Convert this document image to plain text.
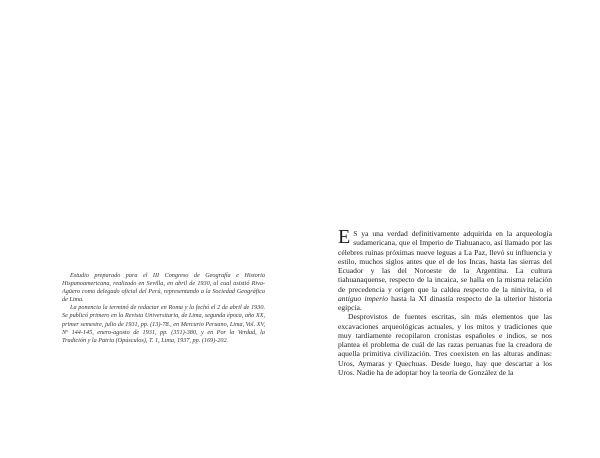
Estudio preparado para el III Congreso de Geografía e Historia Hispanoamericana, realizado en Sevilla, en abril de 1930, al cual asistió Riva-Agüero como delegado oficial del Perú, representando a la Sociedad Geográfica de Lima.

La ponencia la terminó de redactar en Roma y la fechó el 2 de abril de 1930. Se publicó primero en la Revista Universitaria, de Lima, segunda época, año XX, primer semestre, julio de 1931, pp. (13)-78., en Mercurio Peruano, Lima, Vol. XV, Nº 144-145, enero-agosto de 1931, pp. (351)-380, y en Por la Verdad, la Tradición y la Patria (Opúsculos), T. 1, Lima, 1937, pp. (169)-202.

E S ya una verdad definitivamente adquirida en la arqueología sudamericana, que el Imperio de Tiahuanaco, así llamado por las célebres ruinas próximas nueve leguas a La Paz, llevó su influencia y estilo, muchos siglos antes que el de los Incas, hasta las sierras del Ecuador y las del Noroeste de la Argentina. La cultura tiahuanaquense, respecto de la incaica, se halla en la misma relación de precedencia y origen que la caldea respecto de la ninivita, o el antiguo imperio hasta la XI dinastía respecto de la ulterior historia egipcia.

Desprovistos de fuentes escritas, sin más elementos que las excavaciones arqueológicas actuales, y los mitos y tradiciones que muy tardíamente recopilaron cronistas españoles e indios, se nos plantea el problema de cuál de las razas peruanas fue la creadora de aquella primitiva civilización. Tres coexisten en las alturas andinas: Uros, Aymaras y Quechuas. Desde luego, hay que descartar a los Uros. Nadie ha de adoptar hoy la teoría de González de la
